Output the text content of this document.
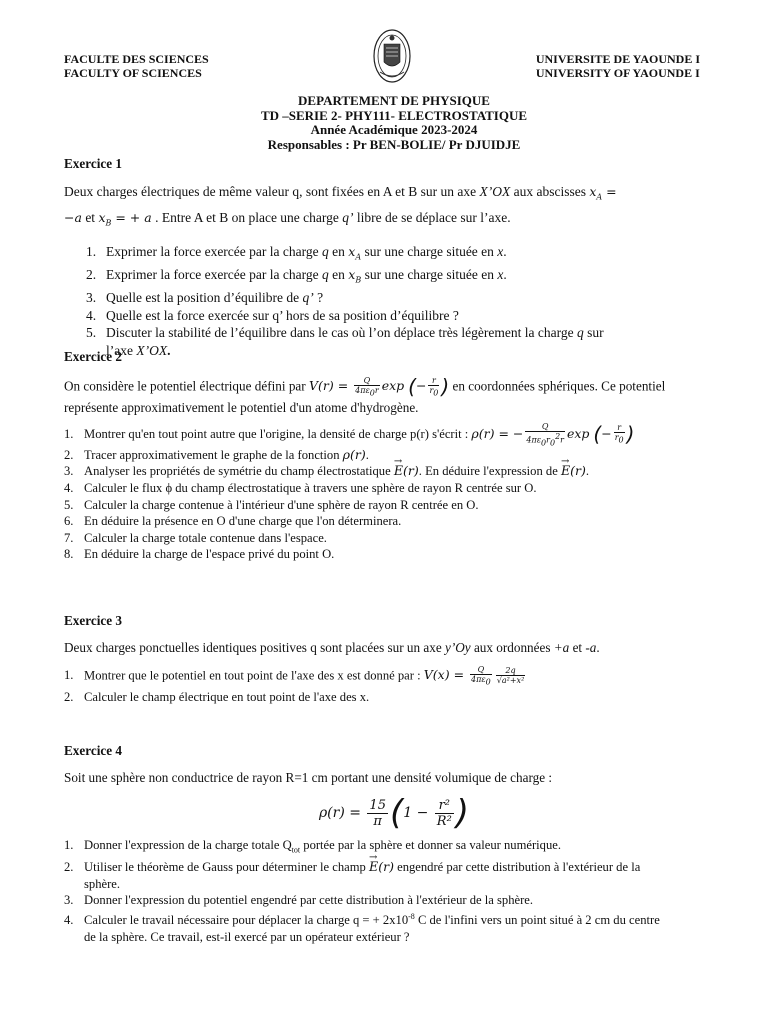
FACULTE DES SCIENCES
FACULTY OF SCIENCES
UNIVERSITE DE YAOUNDE I
UNIVERSITY OF YAOUNDE I
DEPARTEMENT DE PHYSIQUE
TD –SERIE 2- PHY111- ELECTROSTATIQUE
Année Académique 2023-2024
Responsables : Pr BEN-BOLIE/ Pr DJUIDJE
Exercice 1
Deux charges électriques de même valeur q, sont fixées en A et B sur un axe X’OX aux abscisses $x_A$ =
−a et $x_B$ = + a . Entre A et B on place une charge q’ libre de se déplace sur l’axe.
1. Exprimer la force exercée par la charge q en $x_A$ sur une charge située en x.
2. Exprimer la force exercée par la charge q en $x_B$ sur une charge située en x.
3. Quelle est la position d’équilibre de q’ ?
4. Quelle est la force exercée sur q’ hors de sa position d’équilibre ?
5. Discuter la stabilité de l’équilibre dans le cas où l’on déplace très légèrement la charge q sur
l’axe X’OX.
Exercice 2
On considère le potentiel électrique défini par $V(r) = \frac{Q}{4\pi\varepsilon_0r}$ exp (− $\frac{r}{r_0}$ ) en coordonnées sphériques. Ce potentiel
représente approximativement le potentiel d'un atome d'hydrogène.
1. Montrer qu'en tout point autre que l'origine, la densité de charge p(r) s'écrit : ρ(r) = − $\frac{Q}{4\pi\varepsilon_0r_0^2r}$ exp (− $\frac{r}{r_0}$ )
2. Tracer approximativement le graphe de la fonction ρ(r).
3. Analyser les propriétés de symétrie du champ électrostatique → E(r). En déduire l'expression de → E(r).
4. Calculer le flux ϕ du champ électrostatique à travers une sphère de rayon R centrée sur O.
5. Calculer la charge contenue à l'intérieur d'une sphère de rayon R centrée en O.
6. En déduire la présence en O d'une charge que l'on déterminera.
7. Calculer la charge totale contenue dans l'espace.
8. En déduire la charge de l'espace privé du point O.
Exercice 3
Deux charges ponctuelles identiques positives q sont placées sur un axe y’Oy aux ordonnées +a et -a.
1. Montrer que le potentiel en tout point de l'axe des x est donné par : $V(x) = \frac{Q}{4\pi\varepsilon_0} \frac{2q}{\text{√a²+x²}}$
2. Calculer le champ électrique en tout point de l'axe des x.
Exercice 4
Soit une sphère non conductrice de rayon R=1 cm portant une densité volumique de charge :
$\rho(r) = \frac{15}{\pi} (1 - \frac{\text{r²}}{\text{R²}}$ )
1. Donner l'expression de la charge totale $Q_{tot}$ portée par la sphère et donner sa valeur numérique.
2. Utiliser le théorème de Gauss pour déterminer le champ → E(r) engendré par cette distribution à l'extérieur de la
sphère.
3. Donner l'expression du potentiel engendré par cette distribution à l'extérieur de la sphère.
4. Calculer le travail nécessaire pour déplacer la charge q = + $2x10^{-8}$ C de l'infini vers un point situé à 2 cm du centre
de la sphère. Ce travail, est-il exercé par un opérateur extérieur ?
